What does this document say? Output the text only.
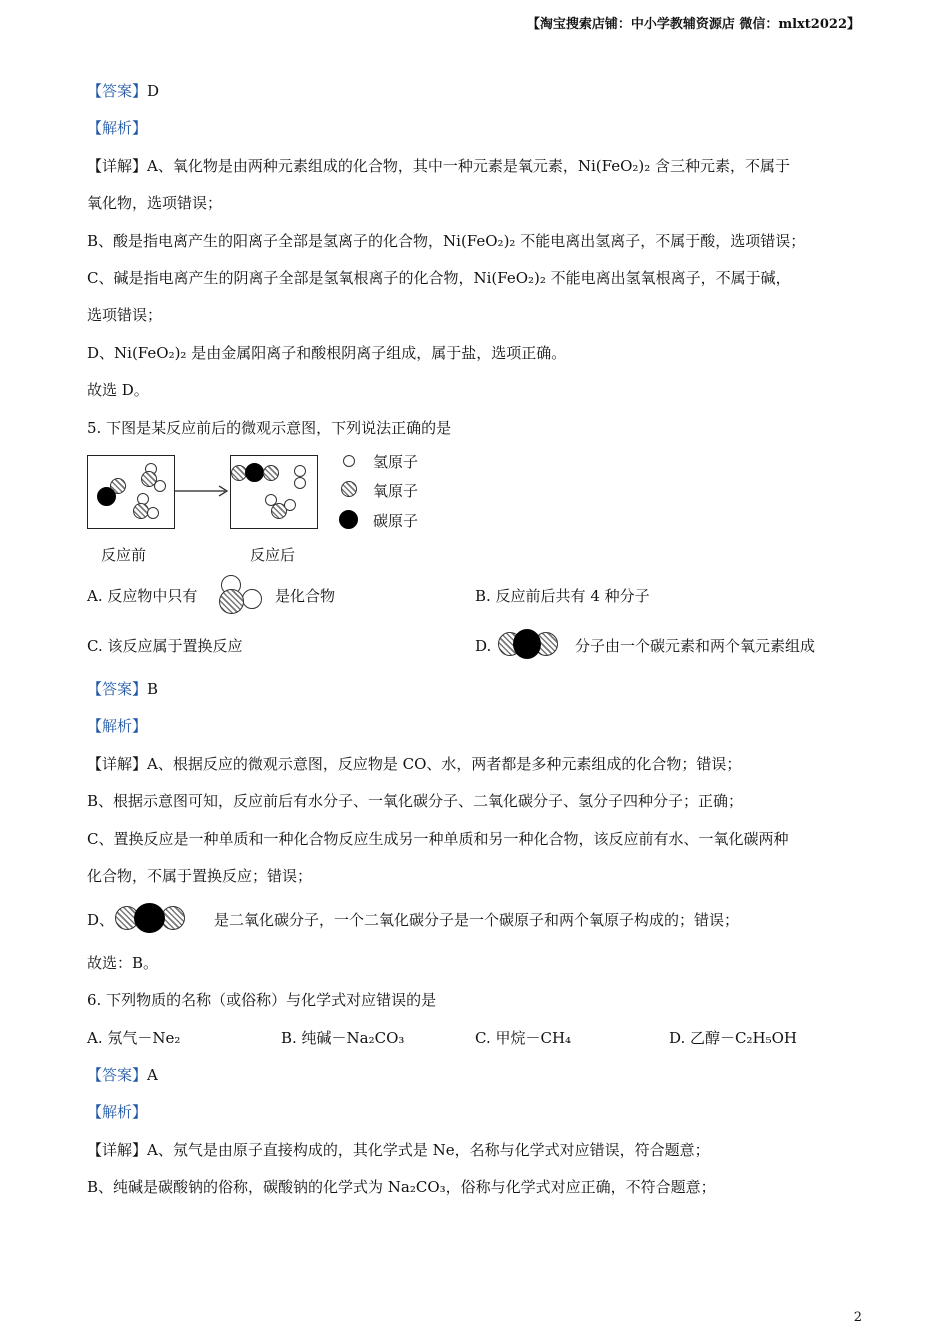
【淘宝搜索店铺：中小学教辅资源店 微信：mlxt2022】
【答案】D
【解析】
【详解】A、氧化物是由两种元素组成的化合物，其中一种元素是氧元素，Ni(FeO₂)₂ 含三种元素，不属于
氧化物，选项错误；
B、酸是指电离产生的阳离子全部是氢离子的化合物，Ni(FeO₂)₂ 不能电离出氢离子，不属于酸，选项错误；
C、碱是指电离产生的阴离子全部是氢氧根离子的化合物，Ni(FeO₂)₂ 不能电离出氢氧根离子，不属于碱，
选项错误；
D、Ni(FeO₂)₂ 是由金属阳离子和酸根阴离子组成，属于盐，选项正确。
故选 D。
5. 下图是某反应前后的微观示意图，下列说法正确的是
反应前	反应后
氢原子
氧原子
碳原子
A. 反应物中只有	是化合物	B. 反应前后共有 4 种分子
C. 该反应属于置换反应	D.	分子由一个碳元素和两个氧元素组成
【答案】B
【解析】
【详解】A、根据反应的微观示意图，反应物是 CO、水，两者都是多种元素组成的化合物；错误；
B、根据示意图可知，反应前后有水分子、一氧化碳分子、二氧化碳分子、氢分子四种分子；正确；
C、置换反应是一种单质和一种化合物反应生成另一种单质和另一种化合物，该反应前有水、一氧化碳两种
化合物，不属于置换反应；错误；
D、	是二氧化碳分子，一个二氧化碳分子是一个碳原子和两个氧原子构成的；错误；
故选：B。
6. 下列物质的名称（或俗称）与化学式对应错误的是
A. 氖气－Ne₂	B. 纯碱－Na₂CO₃	C. 甲烷－CH₄	D. 乙醇－C₂H₅OH
【答案】A
【解析】
【详解】A、氖气是由原子直接构成的，其化学式是 Ne，名称与化学式对应错误，符合题意；
B、纯碱是碳酸钠的俗称，碳酸钠的化学式为 Na₂CO₃，俗称与化学式对应正确，不符合题意；
2
